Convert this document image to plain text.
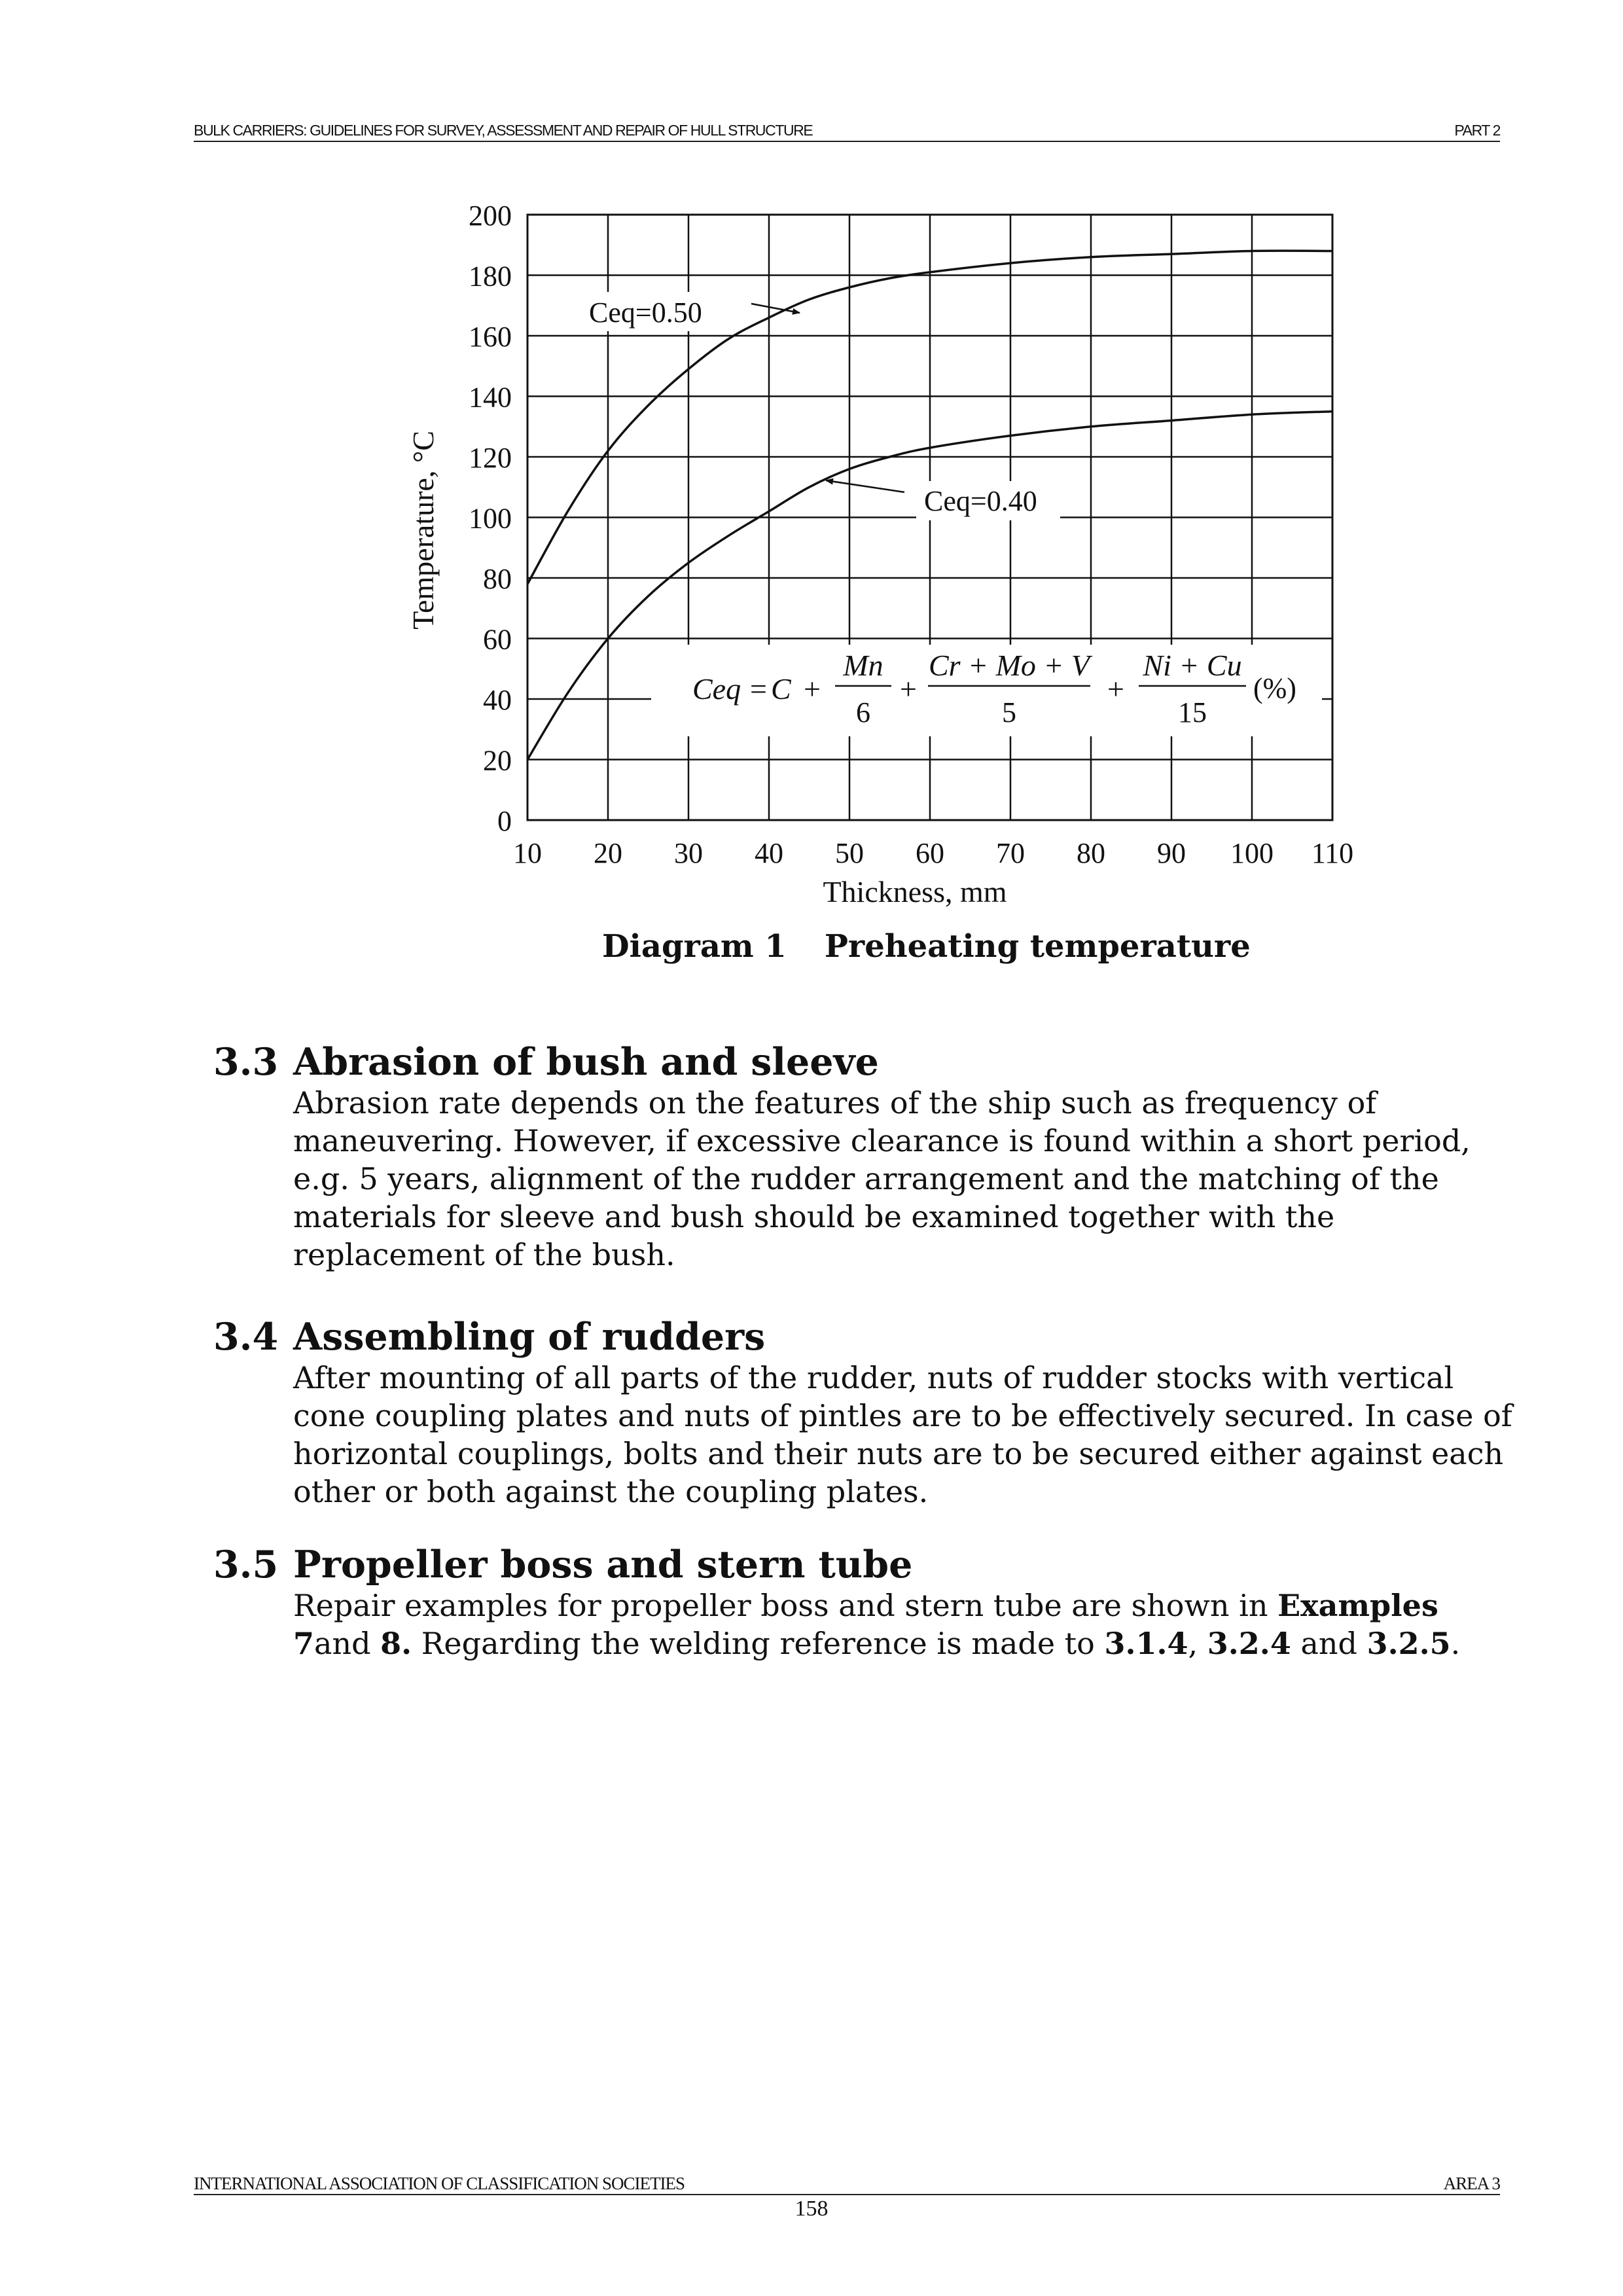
BULK CARRIERS: GUIDELINES FOR SURVEY, ASSESSMENT AND REPAIR OF HULL STRUCTURE	PART 2
0
20
40
60
80
100
120
140
160
180
200
10 20 30 40 50 60 70 80 90 100 110
Ceq=0.50
Ceq=0.40
Ceq = C +
Mn
6
+
Cr + Mo + V
5
+
Ni + Cu
15
(%)
Thickness, mm
Temperature, °C
Diagram 1 Preheating temperature
3.3 Abrasion of bush and sleeve
Abrasion rate depends on the features of the ship such as frequency of maneuvering. However, if excessive clearance is found within a short period, e.g. 5 years, alignment of the rudder arrangement and the matching of the materials for sleeve and bush should be examined together with the replacement of the bush.
3.4 Assembling of rudders
After mounting of all parts of the rudder, nuts of rudder stocks with vertical cone coupling plates and nuts of pintles are to be effectively secured. In case of horizontal couplings, bolts and their nuts are to be secured either against each other or both against the coupling plates.
3.5 Propeller boss and stern tube
Repair examples for propeller boss and stern tube are shown in Examples 7and 8. Regarding the welding reference is made to 3.1.4, 3.2.4 and 3.2.5.
INTERNATIONAL ASSOCIATION OF CLASSIFICATION SOCIETIES	AREA 3
158
